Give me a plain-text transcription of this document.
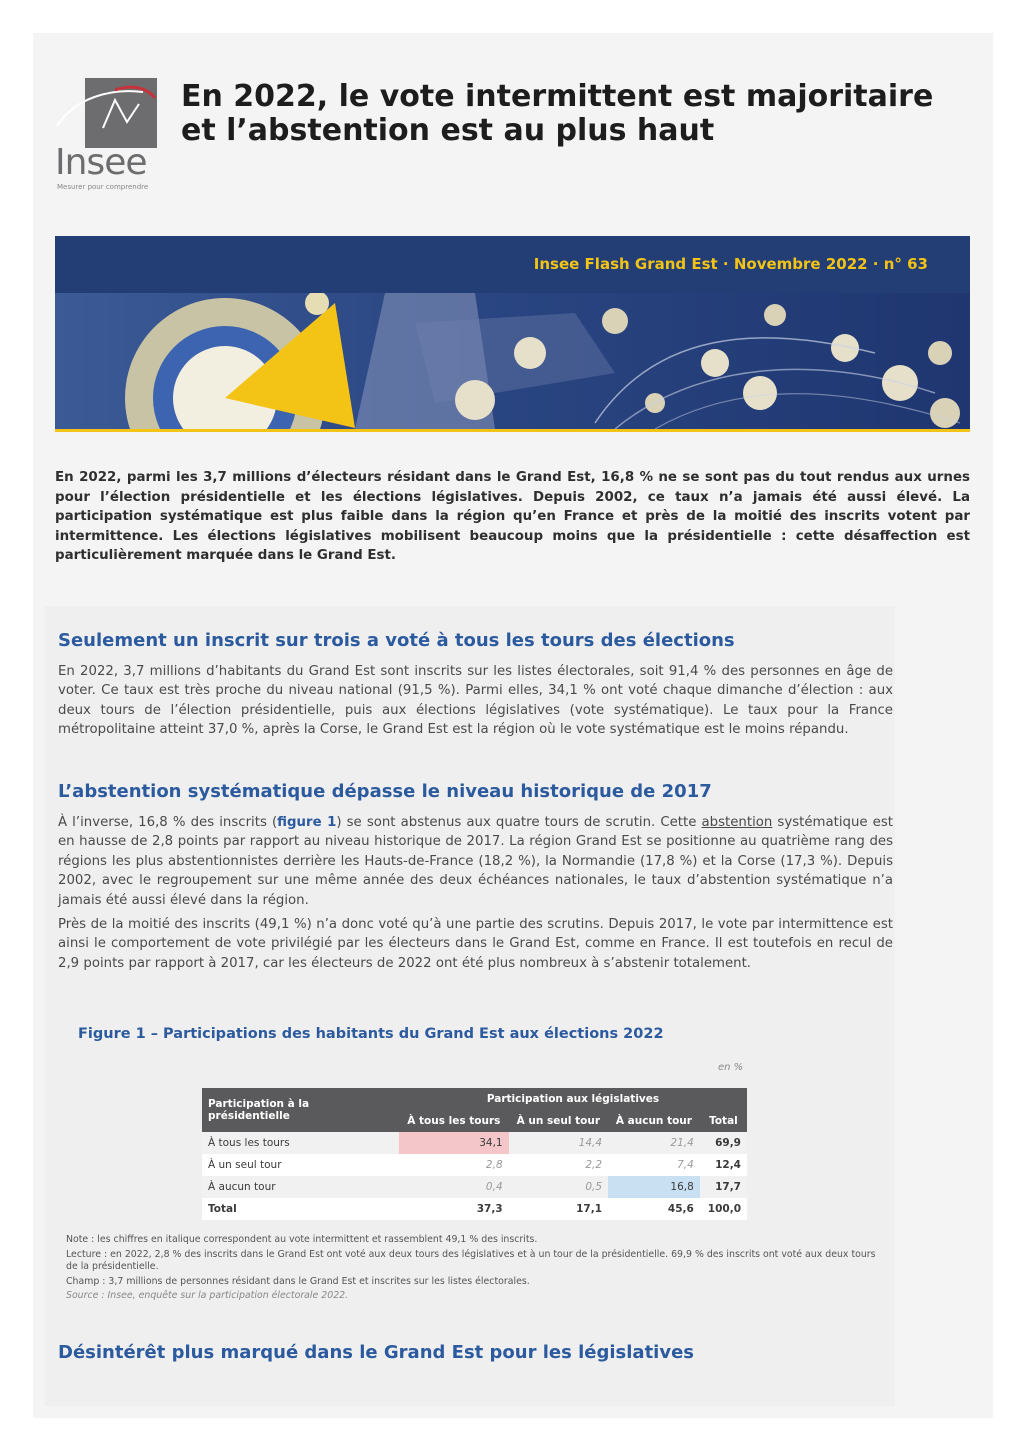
Insee
Mesurer pour comprendre
En 2022, le vote intermittent est majoritaire et l’abstention est au plus haut
Insee Flash Grand Est · Novembre 2022 · n° 63

En 2022, parmi les 3,7 millions d’électeurs résidant dans le Grand Est, 16,8 % ne se sont pas du tout rendus aux urnes pour l’élection présidentielle et les élections législatives. Depuis 2002, ce taux n’a jamais été aussi élevé. La participation systématique est plus faible dans la région qu’en France et près de la moitié des inscrits votent par intermittence. Les élections législatives mobilisent beaucoup moins que la présidentielle : cette désaffection est particulièrement marquée dans le Grand Est.

Seulement un inscrit sur trois a voté à tous les tours des élections

En 2022, 3,7 millions d’habitants du Grand Est sont inscrits sur les listes électorales, soit 91,4 % des personnes en âge de voter. Ce taux est très proche du niveau national (91,5 %). Parmi elles, 34,1 % ont voté chaque dimanche d’élection : aux deux tours de l’élection présidentielle, puis aux élections législatives (vote systématique). Le taux pour la France métropolitaine atteint 37,0 %, après la Corse, le Grand Est est la région où le vote systématique est le moins répandu.

L’abstention systématique dépasse le niveau historique de 2017

À l’inverse, 16,8 % des inscrits (figure 1) se sont abstenus aux quatre tours de scrutin. Cette abstention systématique est en hausse de 2,8 points par rapport au niveau historique de 2017. La région Grand Est se positionne au quatrième rang des régions les plus abstentionnistes derrière les Hauts-de-France (18,2 %), la Normandie (17,8 %) et la Corse (17,3 %). Depuis 2002, avec le regroupement sur une même année des deux échéances nationales, le taux d’abstention systématique n’a jamais été aussi élevé dans la région.

Près de la moitié des inscrits (49,1 %) n’a donc voté qu’à une partie des scrutins. Depuis 2017, le vote par intermittence est ainsi le comportement de vote privilégié par les électeurs dans le Grand Est, comme en France. Il est toutefois en recul de 2,9 points par rapport à 2017, car les électeurs de 2022 ont été plus nombreux à s’abstenir totalement.

Figure 1 – Participations des habitants du Grand Est aux élections 2022
en %
Participation à la présidentielle	Participation aux législatives			
	À tous les tours	À un seul tour	À aucun tour	Total
À tous les tours	34,1	14,4	21,4	69,9
À un seul tour	2,8	2,2	7,4	12,4
À aucun tour	0,4	0,5	16,8	17,7
Total	37,3	17,1	45,6	100,0

Note : les chiffres en italique correspondent au vote intermittent et rassemblent 49,1 % des inscrits.

Lecture : en 2022, 2,8 % des inscrits dans le Grand Est ont voté aux deux tours des législatives et à un tour de la présidentielle. 69,9 % des inscrits ont voté aux deux tours de la présidentielle.

Champ : 3,7 millions de personnes résidant dans le Grand Est et inscrites sur les listes électorales.

Source : Insee, enquête sur la participation électorale 2022.

Désintérêt plus marqué dans le Grand Est pour les législatives
